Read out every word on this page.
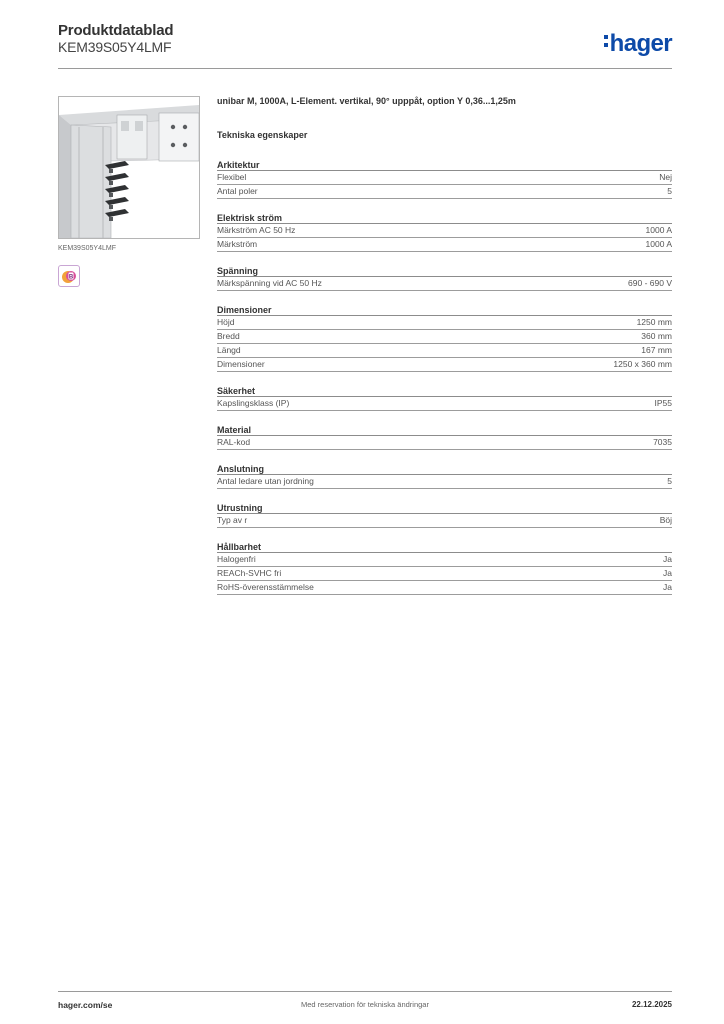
Produktdatablad
KEM39S05Y4LMF	hager
KEM39S05Y4LMF
B
unibar M, 1000A, L-Element. vertikal, 90° upppåt, option Y 0,36...1,25m
Tekniska egenskaper
Arkitektur
Flexibel	Nej
Antal poler	5
Elektrisk ström
Märkström AC 50 Hz	1000 A
Märkström	1000 A
Spänning
Märkspänning vid AC 50 Hz	690 - 690 V
Dimensioner
Höjd	1250 mm
Bredd	360 mm
Längd	167 mm
Dimensioner	1250 x 360 mm
Säkerhet
Kapslingsklass (IP)	IP55
Material
RAL-kod	7035
Anslutning
Antal ledare utan jordning	5
Utrustning
Typ av r	Böj
Hållbarhet
Halogenfri	Ja
REACh-SVHC fri	Ja
RoHS-överensstämmelse	Ja
hager.com/se	Med reservation för tekniska ändringar	22.12.2025
